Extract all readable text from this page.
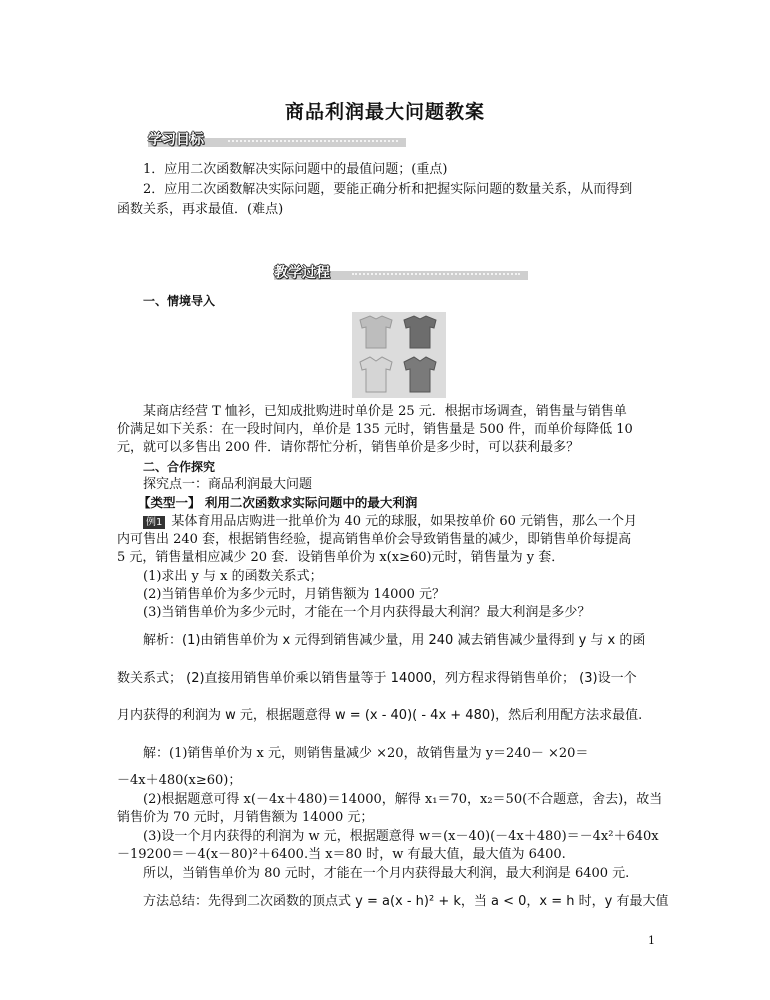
商品利润最大问题教案
学习目标
1．应用二次函数解决实际问题中的最值问题；(重点)
2．应用二次函数解决实际问题，要能正确分析和把握实际问题的数量关系，从而得到
函数关系，再求最值．(难点)
教学过程
一、情境导入
某商店经营 T 恤衫，已知成批购进时单价是 25 元．根据市场调查，销售量与销售单
价满足如下关系：在一段时间内，单价是 135 元时，销售量是 500 件，而单价每降低 10
元，就可以多售出 200 件．请你帮忙分析，销售单价是多少时，可以获利最多？
二、合作探究
探究点一：商品利润最大问题
【类型一】 利用二次函数求实际问题中的最大利润
例1 某体育用品店购进一批单价为 40 元的球服，如果按单价 60 元销售，那么一个月
内可售出 240 套，根据销售经验，提高销售单价会导致销售量的减少，即销售单价每提高
5 元，销售量相应减少 20 套．设销售单价为 x(x≥60)元时，销售量为 y 套．
(1)求出 y 与 x 的函数关系式；
(2)当销售单价为多少元时，月销售额为 14000 元？
(3)当销售单价为多少元时，才能在一个月内获得最大利润？最大利润是多少？
解析：(1)由销售单价为 x 元得到销售减少量，用 240 减去销售减少量得到 y 与 x 的函
数关系式； (2)直接用销售单价乘以销售量等于 14000，列方程求得销售单价； (3)设一个
月内获得的利润为 w 元，根据题意得 w = (x - 40)( - 4x + 480)，然后利用配方法求最值.
解：(1)销售单价为 x 元，则销售量减少 ×20，故销售量为 y＝240－ ×20＝
－4x＋480(x≥60)；
(2)根据题意可得 x(－4x＋480)＝14000，解得 x₁＝70，x₂＝50(不合题意，舍去)，故当
销售价为 70 元时，月销售额为 14000 元；
(3)设一个月内获得的利润为 w 元，根据题意得 w＝(x－40)(－4x＋480)＝－4x²＋640x
－19200＝－4(x－80)²＋6400.当 x＝80 时，w 有最大值，最大值为 6400.
所以，当销售单价为 80 元时，才能在一个月内获得最大利润，最大利润是 6400 元.
方法总结：先得到二次函数的顶点式 y = a(x - h)² + k，当 a < 0，x = h 时，y 有最大值
1
